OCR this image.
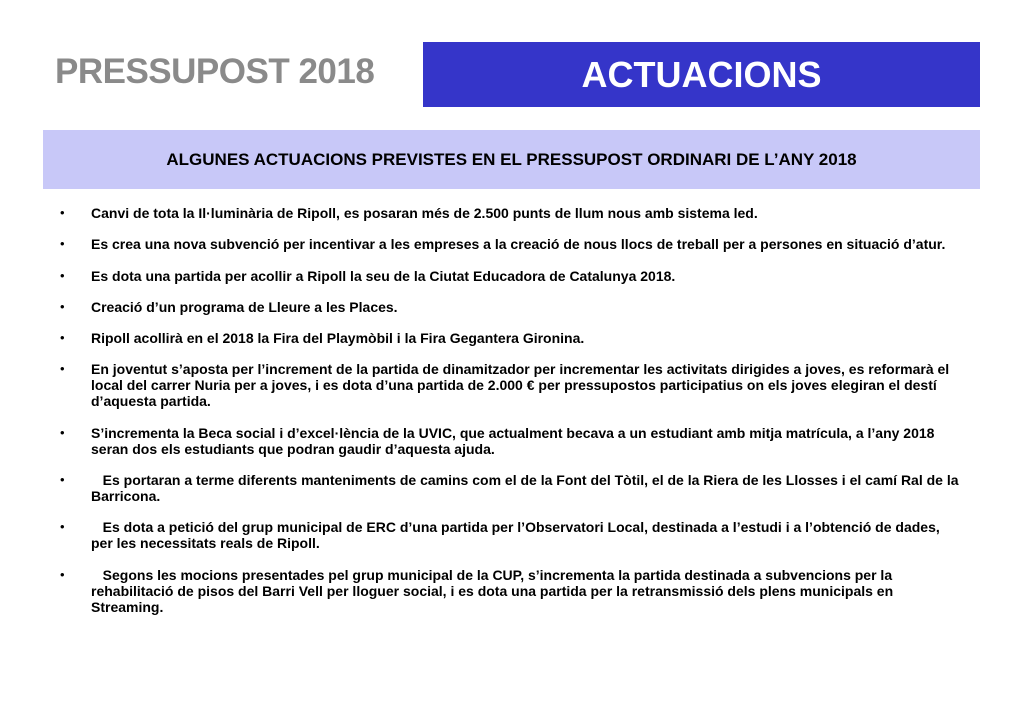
PRESSUPOST 2018	ACTUACIONS
ALGUNES ACTUACIONS PREVISTES EN EL PRESSUPOST ORDINARI DE L’ANY 2018
• Canvi de tota la Il·luminària de Ripoll, es posaran més de 2.500 punts de llum nous amb sistema led.
• Es crea una nova subvenció per incentivar a les empreses a la creació de nous llocs de treball per a persones en situació d’atur.
• Es dota una partida per acollir a Ripoll la seu de la Ciutat Educadora de Catalunya 2018.
• Creació d’un programa de Lleure a les Places.
• Ripoll acollirà en el 2018 la Fira del Playmòbil i la Fira Gegantera Gironina.
• En joventut s’aposta per l’increment de la partida de dinamitzador per incrementar les activitats dirigides a joves, es reformarà el local del carrer Nuria per a joves, i es dota d’una partida de 2.000 € per pressupostos participatius on els joves elegiran el destí d’aquesta partida.
• S’incrementa la Beca social i d’excel·lència de la UVIC, que actualment becava a un estudiant amb mitja matrícula, a l’any 2018 seran dos els estudiants que podran gaudir d’aquesta ajuda.
• Es portaran a terme diferents manteniments de camins com el de la Font del Tòtil, el de la Riera de les Llosses i el camí Ral de la Barricona.
• Es dota a petició del grup municipal de ERC d’una partida per l’Observatori Local, destinada a l’estudi i a l’obtenció de dades, per les necessitats reals de Ripoll.
• Segons les mocions presentades pel grup municipal de la CUP, s’incrementa la partida destinada a subvencions per la rehabilitació de pisos del Barri Vell per lloguer social, i es dota una partida per la retransmissió dels plens municipals en Streaming.
